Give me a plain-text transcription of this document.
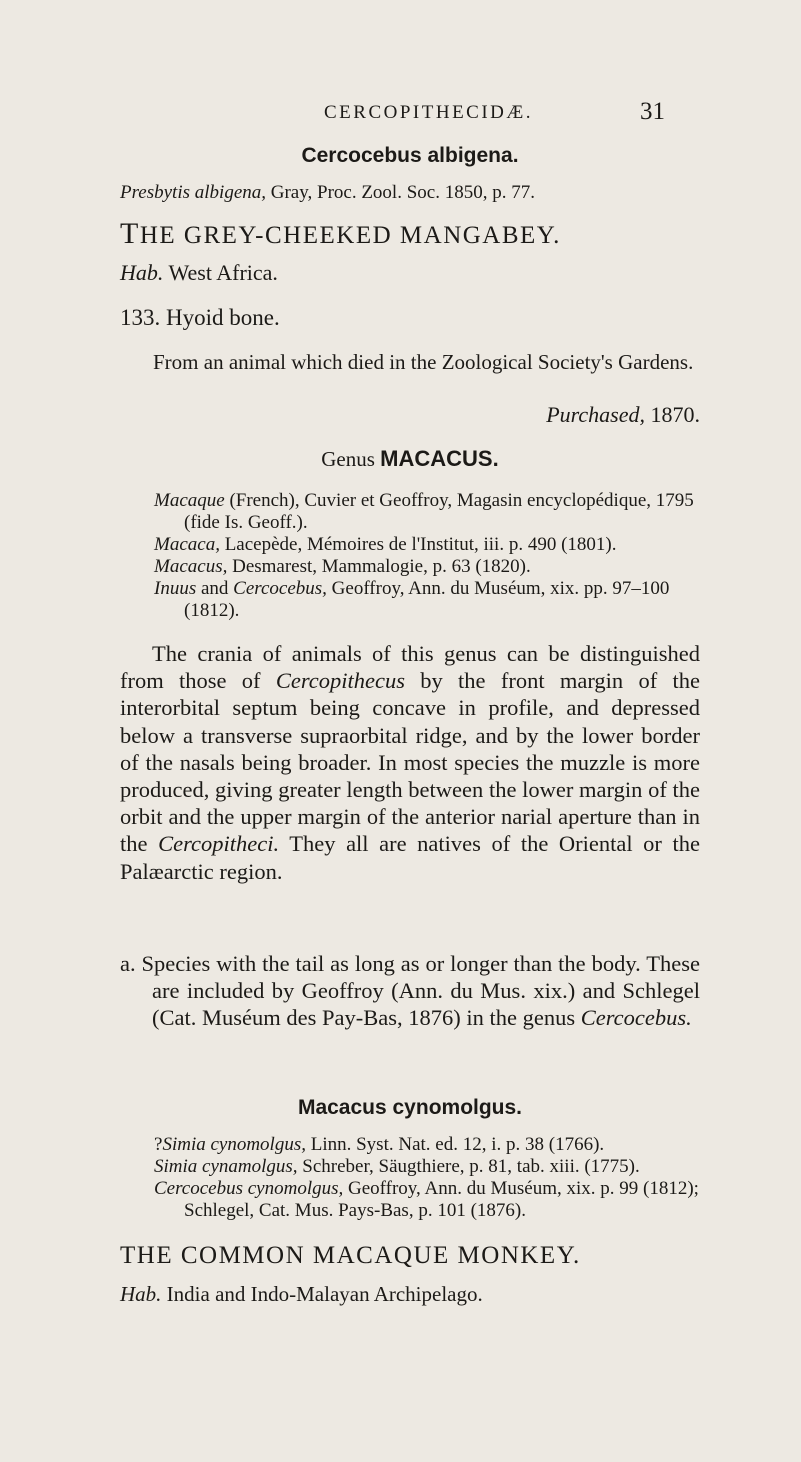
CERCOPITHECIDÆ.	31
Cercocebus albigena.

Presbytis albigena, Gray, Proc. Zool. Soc. 1850, p. 77.

THE GREY-CHEEKED MANGABEY.

Hab. West Africa.

133. Hyoid bone.

From an animal which died in the Zoological Society's Gardens.

Purchased, 1870.

Genus MACACUS.

Macaque (French), Cuvier et Geoffroy, Magasin encyclopédique, 1795 (fide Is. Geoff.).

Macaca, Lacepède, Mémoires de l'Institut, iii. p. 490 (1801).

Macacus, Desmarest, Mammalogie, p. 63 (1820).

Inuus and Cercocebus, Geoffroy, Ann. du Muséum, xix. pp. 97–100 (1812).

The crania of animals of this genus can be distinguished from those of Cercopithecus by the front margin of the interorbital septum being concave in profile, and depressed below a transverse supraorbital ridge, and by the lower border of the nasals being broader. In most species the muzzle is more produced, giving greater length between the lower margin of the orbit and the upper margin of the anterior narial aperture than in the Cercopitheci. They all are natives of the Oriental or the Palæarctic region.

a. Species with the tail as long as or longer than the body. These are included by Geoffroy (Ann. du Mus. xix.) and Schlegel (Cat. Muséum des Pay-Bas, 1876) in the genus Cercocebus.

Macacus cynomolgus.

?Simia cynomolgus, Linn. Syst. Nat. ed. 12, i. p. 38 (1766).

Simia cynamolgus, Schreber, Säugthiere, p. 81, tab. xiii. (1775).

Cercocebus cynomolgus, Geoffroy, Ann. du Muséum, xix. p. 99 (1812); Schlegel, Cat. Mus. Pays-Bas, p. 101 (1876).

THE COMMON MACAQUE MONKEY.

Hab. India and Indo-Malayan Archipelago.
